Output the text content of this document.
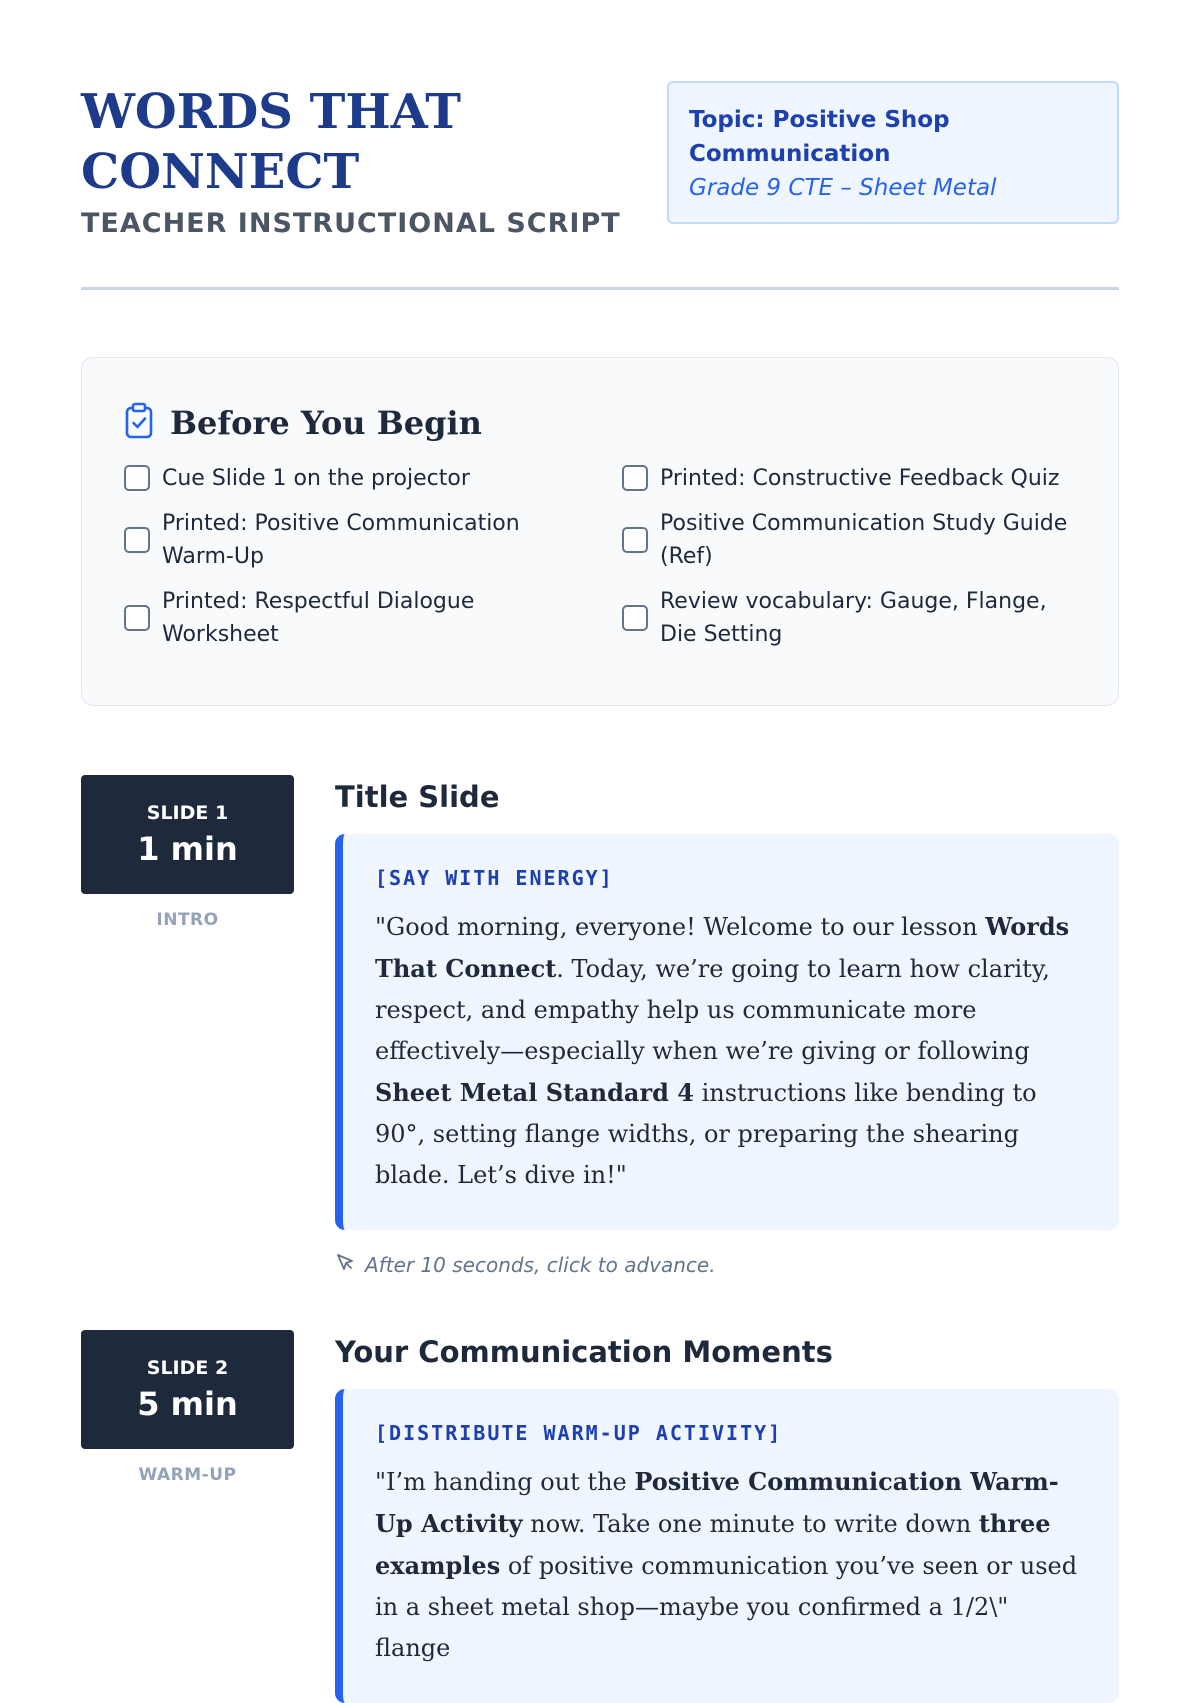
WORDS THAT CONNECT
TEACHER INSTRUCTIONAL SCRIPT
Topic: Positive Shop Communication
Grade 9 CTE – Sheet Metal
Before You Begin
Cue Slide 1 on the projector	Printed: Constructive Feedback Quiz
Printed: Positive Communication Warm-Up
Positive Communication Study Guide (Ref)
Printed: Respectful Dialogue Worksheet
Review vocabulary: Gauge, Flange, Die Setting
SLIDE 1
1 min
INTRO
Title Slide
[SAY WITH ENERGY]

"Good morning, everyone! Welcome to our lesson Words That Connect. Today, we’re going to learn how clarity, respect, and empathy help us communicate more effectively—especially when we’re giving or following Sheet Metal Standard 4 instructions like bending to 90°, setting flange widths, or preparing the shearing blade. Let’s dive in!"

After 10 seconds, click to advance.
SLIDE 2
5 min
WARM-UP
Your Communication Moments
[DISTRIBUTE WARM-UP ACTIVITY]

"I’m handing out the Positive Communication Warm-Up Activity now. Take one minute to write down three examples of positive communication you’ve seen or used in a sheet metal shop—maybe you confirmed a 1/2\" flange
